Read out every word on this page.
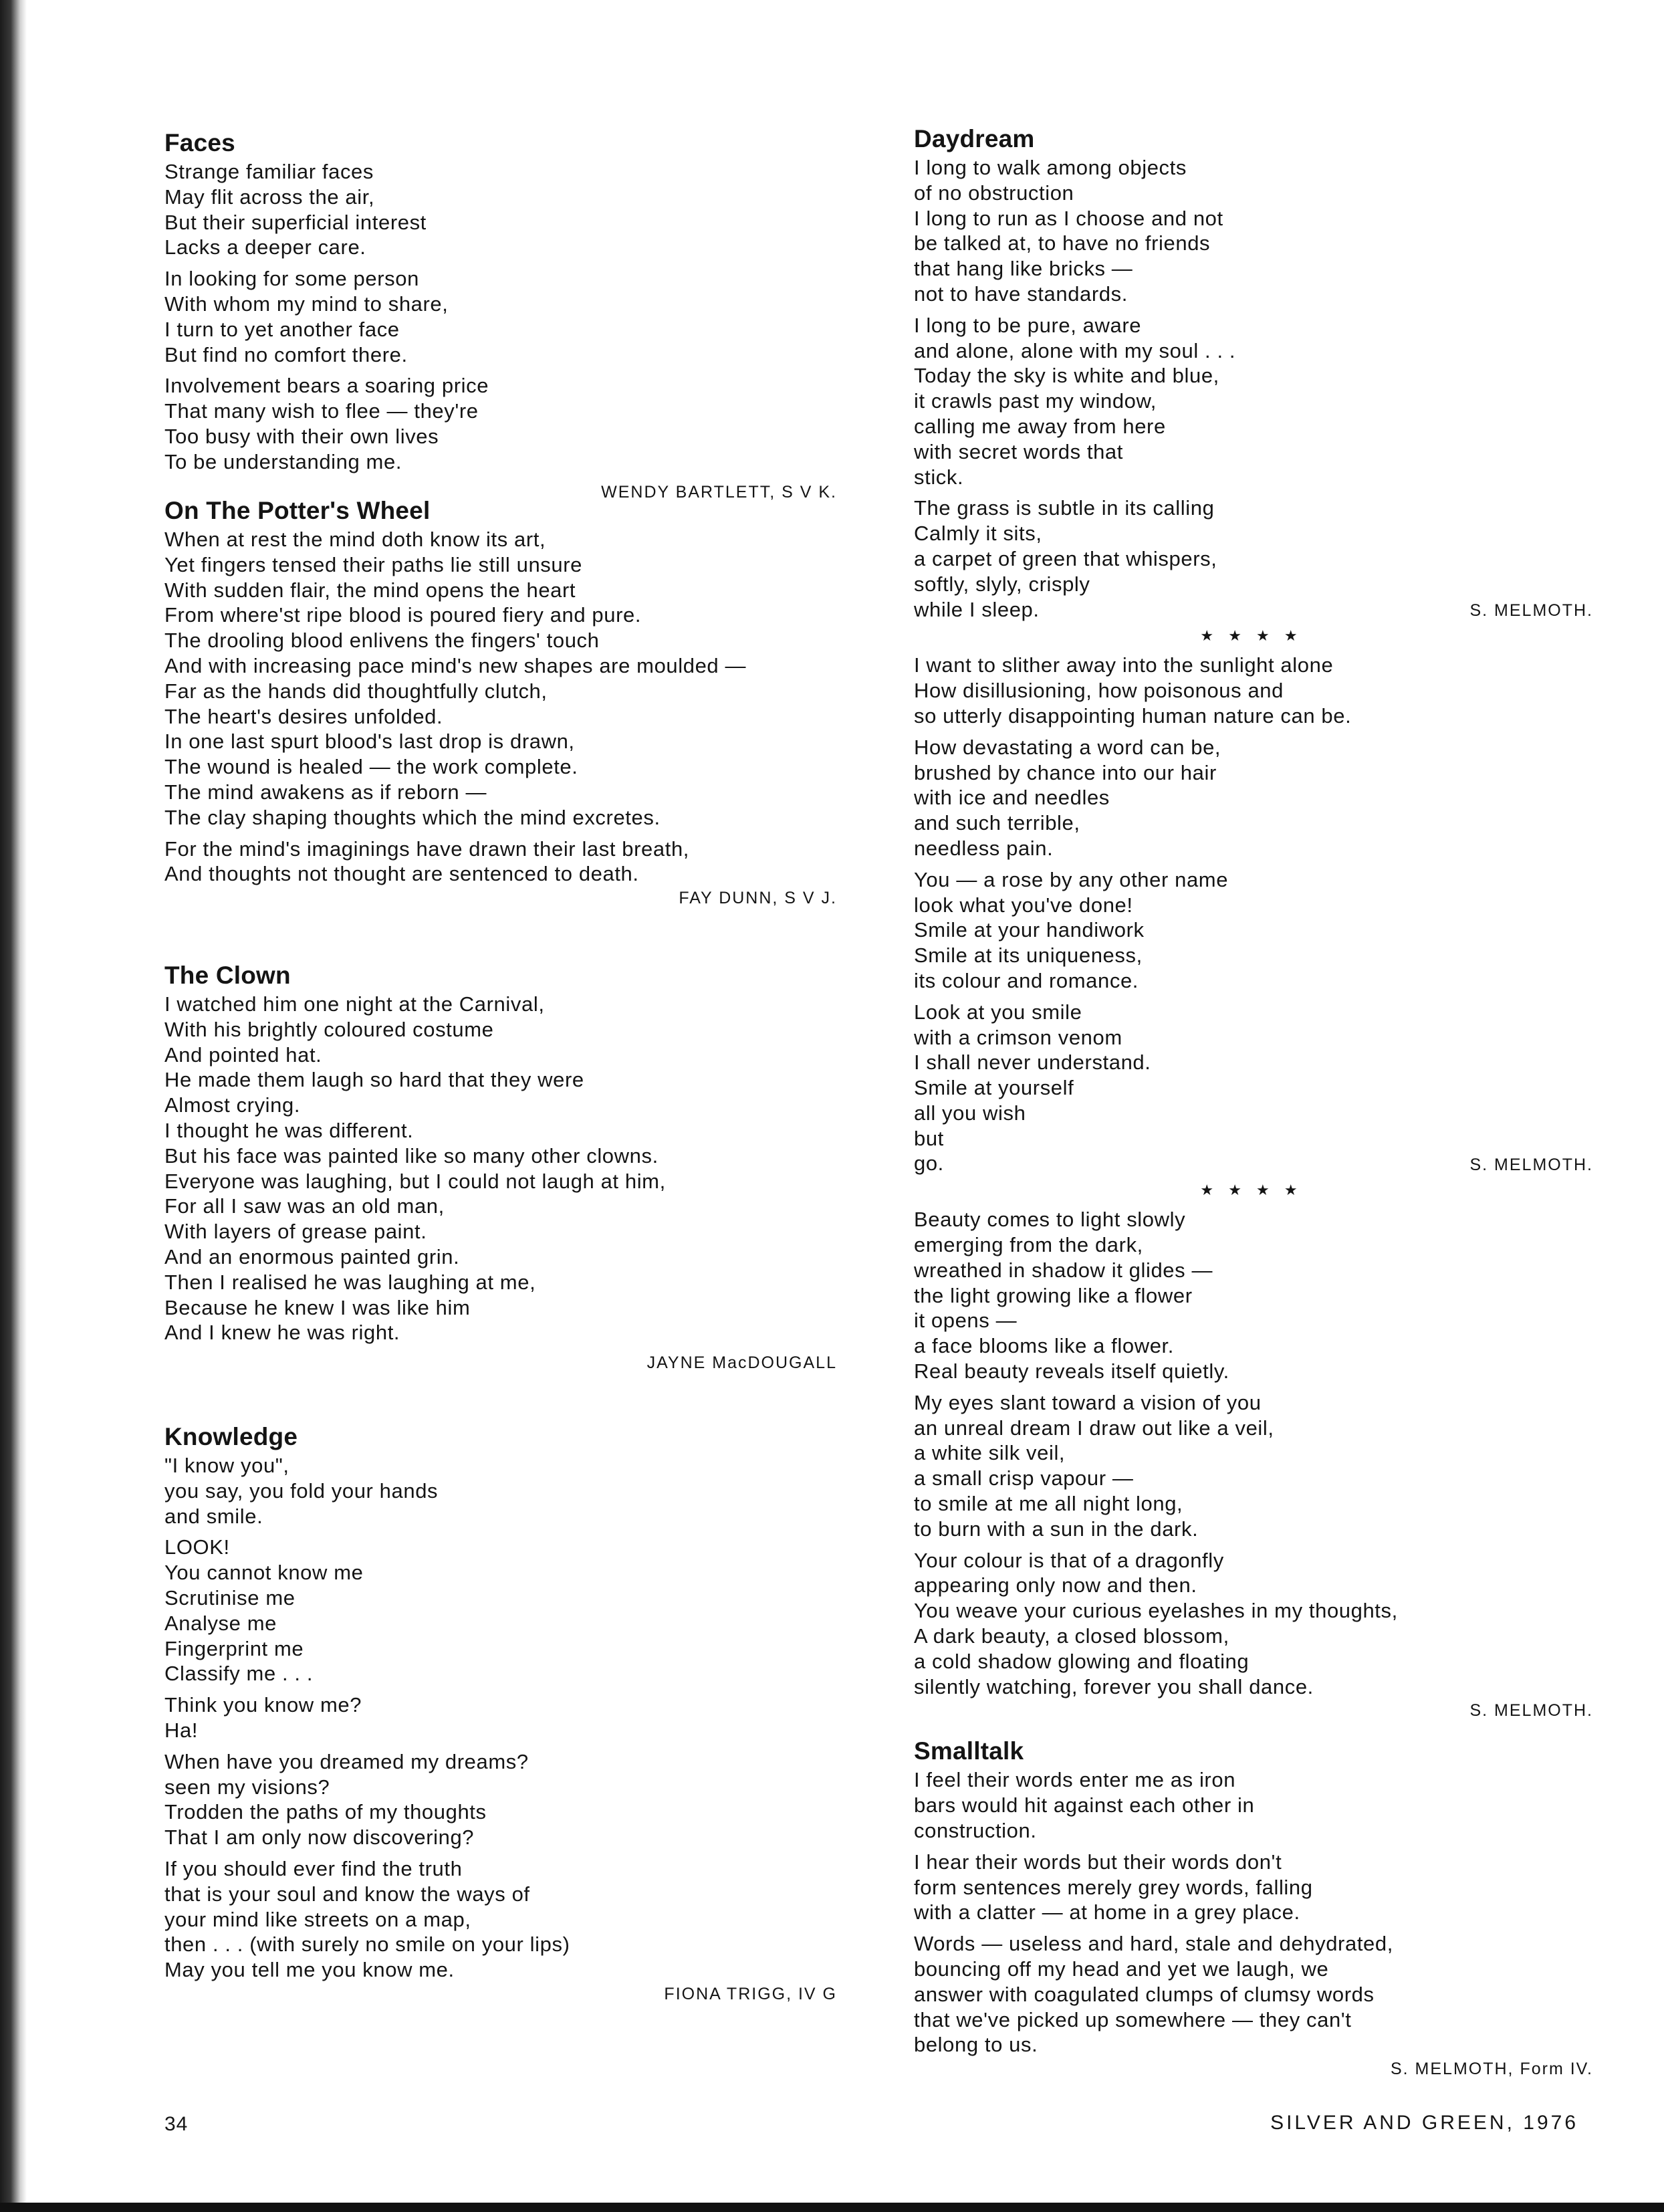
Faces
Strange familiar faces
May flit across the air,
But their superficial interest
Lacks a deeper care.
In looking for some person
With whom my mind to share,
I turn to yet another face
But find no comfort there.
Involvement bears a soaring price
That many wish to flee — they're
Too busy with their own lives
To be understanding me.
WENDY BARTLETT, S V K.
On The Potter's Wheel
When at rest the mind doth know its art,
Yet fingers tensed their paths lie still unsure
With sudden flair, the mind opens the heart
From where'st ripe blood is poured fiery and pure.
The drooling blood enlivens the fingers' touch
And with increasing pace mind's new shapes are moulded —
Far as the hands did thoughtfully clutch,
The heart's desires unfolded.
In one last spurt blood's last drop is drawn,
The wound is healed — the work complete.
The mind awakens as if reborn —
The clay shaping thoughts which the mind excretes.
For the mind's imaginings have drawn their last breath,
And thoughts not thought are sentenced to death.
FAY DUNN, S V J.
The Clown
I watched him one night at the Carnival,
With his brightly coloured costume
And pointed hat.
He made them laugh so hard that they were
Almost crying.
I thought he was different.
But his face was painted like so many other clowns.
Everyone was laughing, but I could not laugh at him,
For all I saw was an old man,
With layers of grease paint.
And an enormous painted grin.
Then I realised he was laughing at me,
Because he knew I was like him
And I knew he was right.
JAYNE MacDOUGALL
Knowledge
"I know you",
you say, you fold your hands
and smile.
LOOK!
You cannot know me
Scrutinise me
Analyse me
Fingerprint me
Classify me . . .
Think you know me?
Ha!
When have you dreamed my dreams?
seen my visions?
Trodden the paths of my thoughts
That I am only now discovering?
If you should ever find the truth
that is your soul and know the ways of
your mind like streets on a map,
then . . . (with surely no smile on your lips)
May you tell me you know me.
FIONA TRIGG, IV G
Daydream
I long to walk among objects
of no obstruction
I long to run as I choose and not
be talked at, to have no friends
that hang like bricks —
not to have standards.
I long to be pure, aware
and alone, alone with my soul . . .
Today the sky is white and blue,
it crawls past my window,
calling me away from here
with secret words that
stick.
The grass is subtle in its calling
Calmly it sits,
a carpet of green that whispers,
softly, slyly, crisply
while I sleep.	S. MELMOTH.
★ ★ ★ ★
I want to slither away into the sunlight alone
How disillusioning, how poisonous and
so utterly disappointing human nature can be.
How devastating a word can be,
brushed by chance into our hair
with ice and needles
and such terrible,
needless pain.
You — a rose by any other name
look what you've done!
Smile at your handiwork
Smile at its uniqueness,
its colour and romance.
Look at you smile
with a crimson venom
I shall never understand.
Smile at yourself
all you wish
but
go.	S. MELMOTH.
★ ★ ★ ★
Beauty comes to light slowly
emerging from the dark,
wreathed in shadow it glides —
the light growing like a flower
it opens —
a face blooms like a flower.
Real beauty reveals itself quietly.
My eyes slant toward a vision of you
an unreal dream I draw out like a veil,
a white silk veil,
a small crisp vapour —
to smile at me all night long,
to burn with a sun in the dark.
Your colour is that of a dragonfly
appearing only now and then.
You weave your curious eyelashes in my thoughts,
A dark beauty, a closed blossom,
a cold shadow glowing and floating
silently watching, forever you shall dance.
S. MELMOTH.
Smalltalk
I feel their words enter me as iron
bars would hit against each other in
construction.
I hear their words but their words don't
form sentences merely grey words, falling
with a clatter — at home in a grey place.
Words — useless and hard, stale and dehydrated,
bouncing off my head and yet we laugh, we
answer with coagulated clumps of clumsy words
that we've picked up somewhere — they can't
belong to us.
S. MELMOTH, Form IV.
34	SILVER AND GREEN, 1976
